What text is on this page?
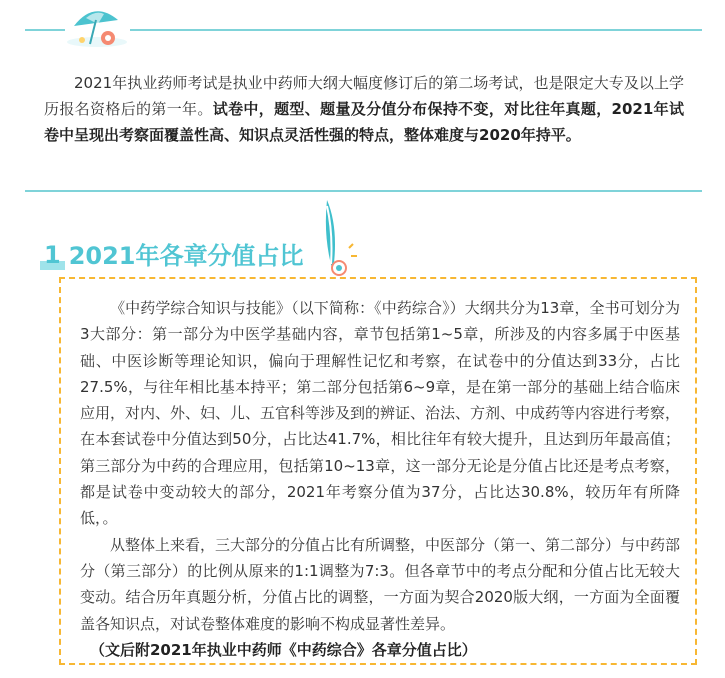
2021年执业药师考试是执业中药师大纲大幅度修订后的第二场考试，也是限定大专及以上学历报名资格后的第一年。试卷中，题型、题量及分值分布保持不变，对比往年真题，2021年试卷中呈现出考察面覆盖性高、知识点灵活性强的特点，整体难度与2020年持平。

1 2021年各章分值占比

《中药学综合知识与技能》（以下简称：《中药综合》）大纲共分为13章，全书可划分为3大部分：第一部分为中医学基础内容，章节包括第1~5章，所涉及的内容多属于中医基础、中医诊断等理论知识，偏向于理解性记忆和考察，在试卷中的分值达到33分，占比27.5%，与往年相比基本持平；第二部分包括第6~9章，是在第一部分的基础上结合临床应用，对内、外、妇、儿、五官科等涉及到的辨证、治法、方剂、中成药等内容进行考察，在本套试卷中分值达到50分，占比达41.7%，相比往年有较大提升，且达到历年最高值；第三部分为中药的合理应用，包括第10~13章，这一部分无论是分值占比还是考点考察，都是试卷中变动较大的部分，2021年考察分值为37分，占比达30.8%，较历年有所降低，。

从整体上来看，三大部分的分值占比有所调整，中医部分（第一、第二部分）与中药部分（第三部分）的比例从原来的1:1调整为7:3。但各章节中的考点分配和分值占比无较大变动。结合历年真题分析，分值占比的调整，一方面为契合2020版大纲，一方面为全面覆盖各知识点，对试卷整体难度的影响不构成显著性差异。

（文后附2021年执业中药师《中药综合》各章分值占比）
